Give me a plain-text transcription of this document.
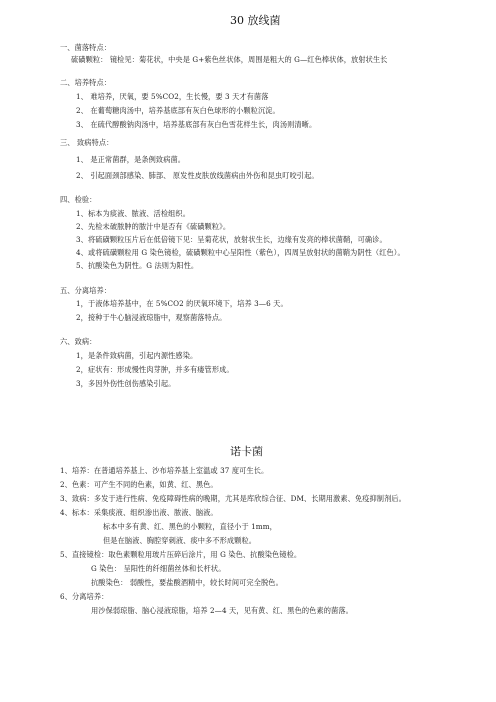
30 放线菌
一、菌落特点：
硫磺颗粒： 镜检见：菊花状，中央是 G+紫色丝状体，周围是粗大的 G—红色棒状体，放射状生长
二、培养特点：
1、 难培养，厌氧，要 5%CO2，生长慢，要 3 天才有菌落
2、 在葡萄糖肉汤中，培养基底部有灰白色球形的小颗粒沉淀。
3、 在硫代醇酸钠肉汤中，培养基底部有灰白色雪花样生长，肉汤则清晰。
三、 致病特点：
1、 是正常菌群，是条例致病菌。
2、 引起面颈部感染、肺部、 原发性皮肤放线菌病由外伤和昆虫叮咬引起。
四、检验：
1、标本为痰液、脓液、活检组织。
2、先检未破脓肿的脓汁中是否有《硫磺颗粒》。
3、将硫磺颗粒压片后在低倍镜下见：呈菊花状，放射状生长，边缘有发亮的棒状菌鞘，可确诊。
4、或将硫磺颗粒用 G 染色镜检，硫磺颗粒中心呈阳性（紫色），四周呈放射状的菌鞘为阴性（红色）。
5、抗酸染色为阴性。G 法则为阳性。
五、分离培养：
1，于液体培养基中，在 5%CO2 的厌氧环境下，培养 3—6 天。
2，接种于牛心脑浸液琼脂中，观察菌落特点。
六、致病：
1，是条件致病菌，引起内源性感染。
2，症状有：形成慢性肉芽肿，并多有瘘管形成。
3，多因外伤性创伤感染引起。
诺卡菌
1、培养：在普通培养基上、沙布培养基上室温或 37 度可生长。
2、色素：可产生不同的色素，如黄、红、黑色。
3、致病：多发于进行性病、免疫障碍性病的晚期，尤其是库欣综合征、DM、长期用激素、免疫抑制剂后。
4、标本：采集痰液、组织渗出液、脓液、脑液。
标本中多有黄、红、黑色的小颗粒，直径小于 1mm，
但是在脑液、胸腔穿刺液、痰中多不形成颗粒。
5、直接镜检：取色素颗粒用玻片压碎后涂片，用 G 染色、抗酸染色镜检。
G 染色： 呈阳性的纤细菌丝体和长杆状。
抗酸染色： 弱酸性，要盐酸酒精中，较长时间可完全脱色。
6、分离培养：
用沙保弱琼脂、脑心浸液琼脂，培养 2—4 天，见有黄、红、黑色的色素的菌落。
